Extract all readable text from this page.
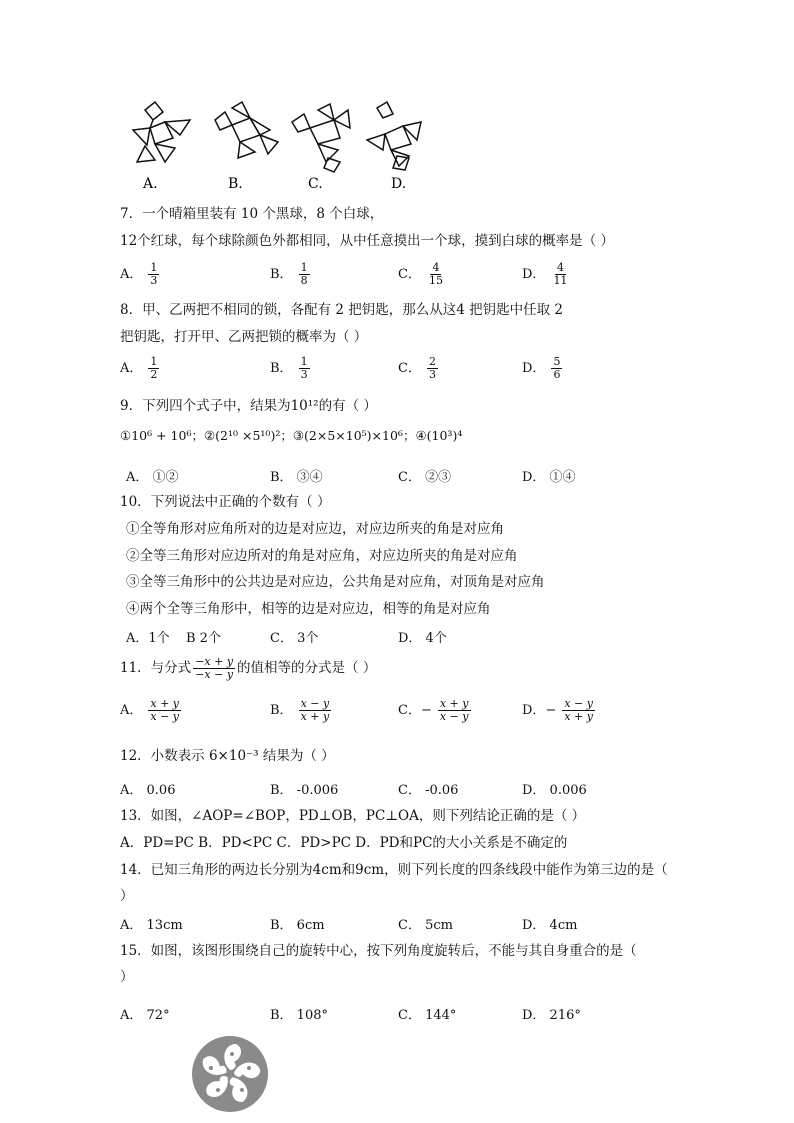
A.	B.	C.	D.
7．一个晴箱里装有 10 个黑球，8 个白球，
12个红球，每个球除颜色外都相同，从中任意摸出一个球，摸到白球的概率是（ ）
A． $\frac{1}{3}$	B． $\frac{1}{8}$	C． $\frac{4}{15}$	D． $\frac{4}{11}$
8．甲、乙两把不相同的锁，各配有 2 把钥匙，那么从这4 把钥匙中任取 2
把钥匙，打开甲、乙两把锁的概率为（ ）
A． $\frac{1}{2}$	B． $\frac{1}{3}$	C． $\frac{2}{3}$	D． $\frac{5}{6}$
9．下列四个式子中，结果为10¹²的有（ ）
①10⁶ + 10⁶；②(2¹⁰ ×5¹⁰)²；③(2×5×10⁵)×10⁶；④(10³)⁴
A． ①②	B． ③④	C． ②③	D． ①④
10．下列说法中正确的个数有（ ）
①全等角形对应角所对的边是对应边，对应边所夹的角是对应角
②全等三角形对应边所对的角是对应角，对应边所夹的角是对应角
③全等三角形中的公共边是对应边，公共角是对应角，对顶角是对应角
④两个全等三角形中，相等的边是对应边，相等的角是对应角
A．1个 B 2个	C． 3个	D． 4个
11．与分式 $\frac{-x + y}{-x - y}$ 的值相等的分式是（ ）
A． $\frac{x + y}{x - y}$	B． $\frac{x - y}{x + y}$	C．− $\frac{x + y}{x - y}$	D．− $\frac{x - y}{x + y}$
12．小数表示 6×10⁻³ 结果为（ ）
A． 0.06	B． -0.006	C． -0.06	D． 0.006
13．如图，∠AOP=∠BOP，PD⊥OB，PC⊥OA，则下列结论正确的是（ ）
A．PD=PC B．PD<PC C．PD>PC D．PD和PC的大小关系是不确定的
14．已知三角形的两边长分别为4cm和9cm，则下列长度的四条线段中能作为第三边的是（
）
A． 13cm	B． 6cm	C． 5cm	D． 4cm
15．如图，该图形围绕自己的旋转中心，按下列角度旋转后，不能与其自身重合的是（
）
A． 72°	B． 108°	C． 144°	D． 216°
